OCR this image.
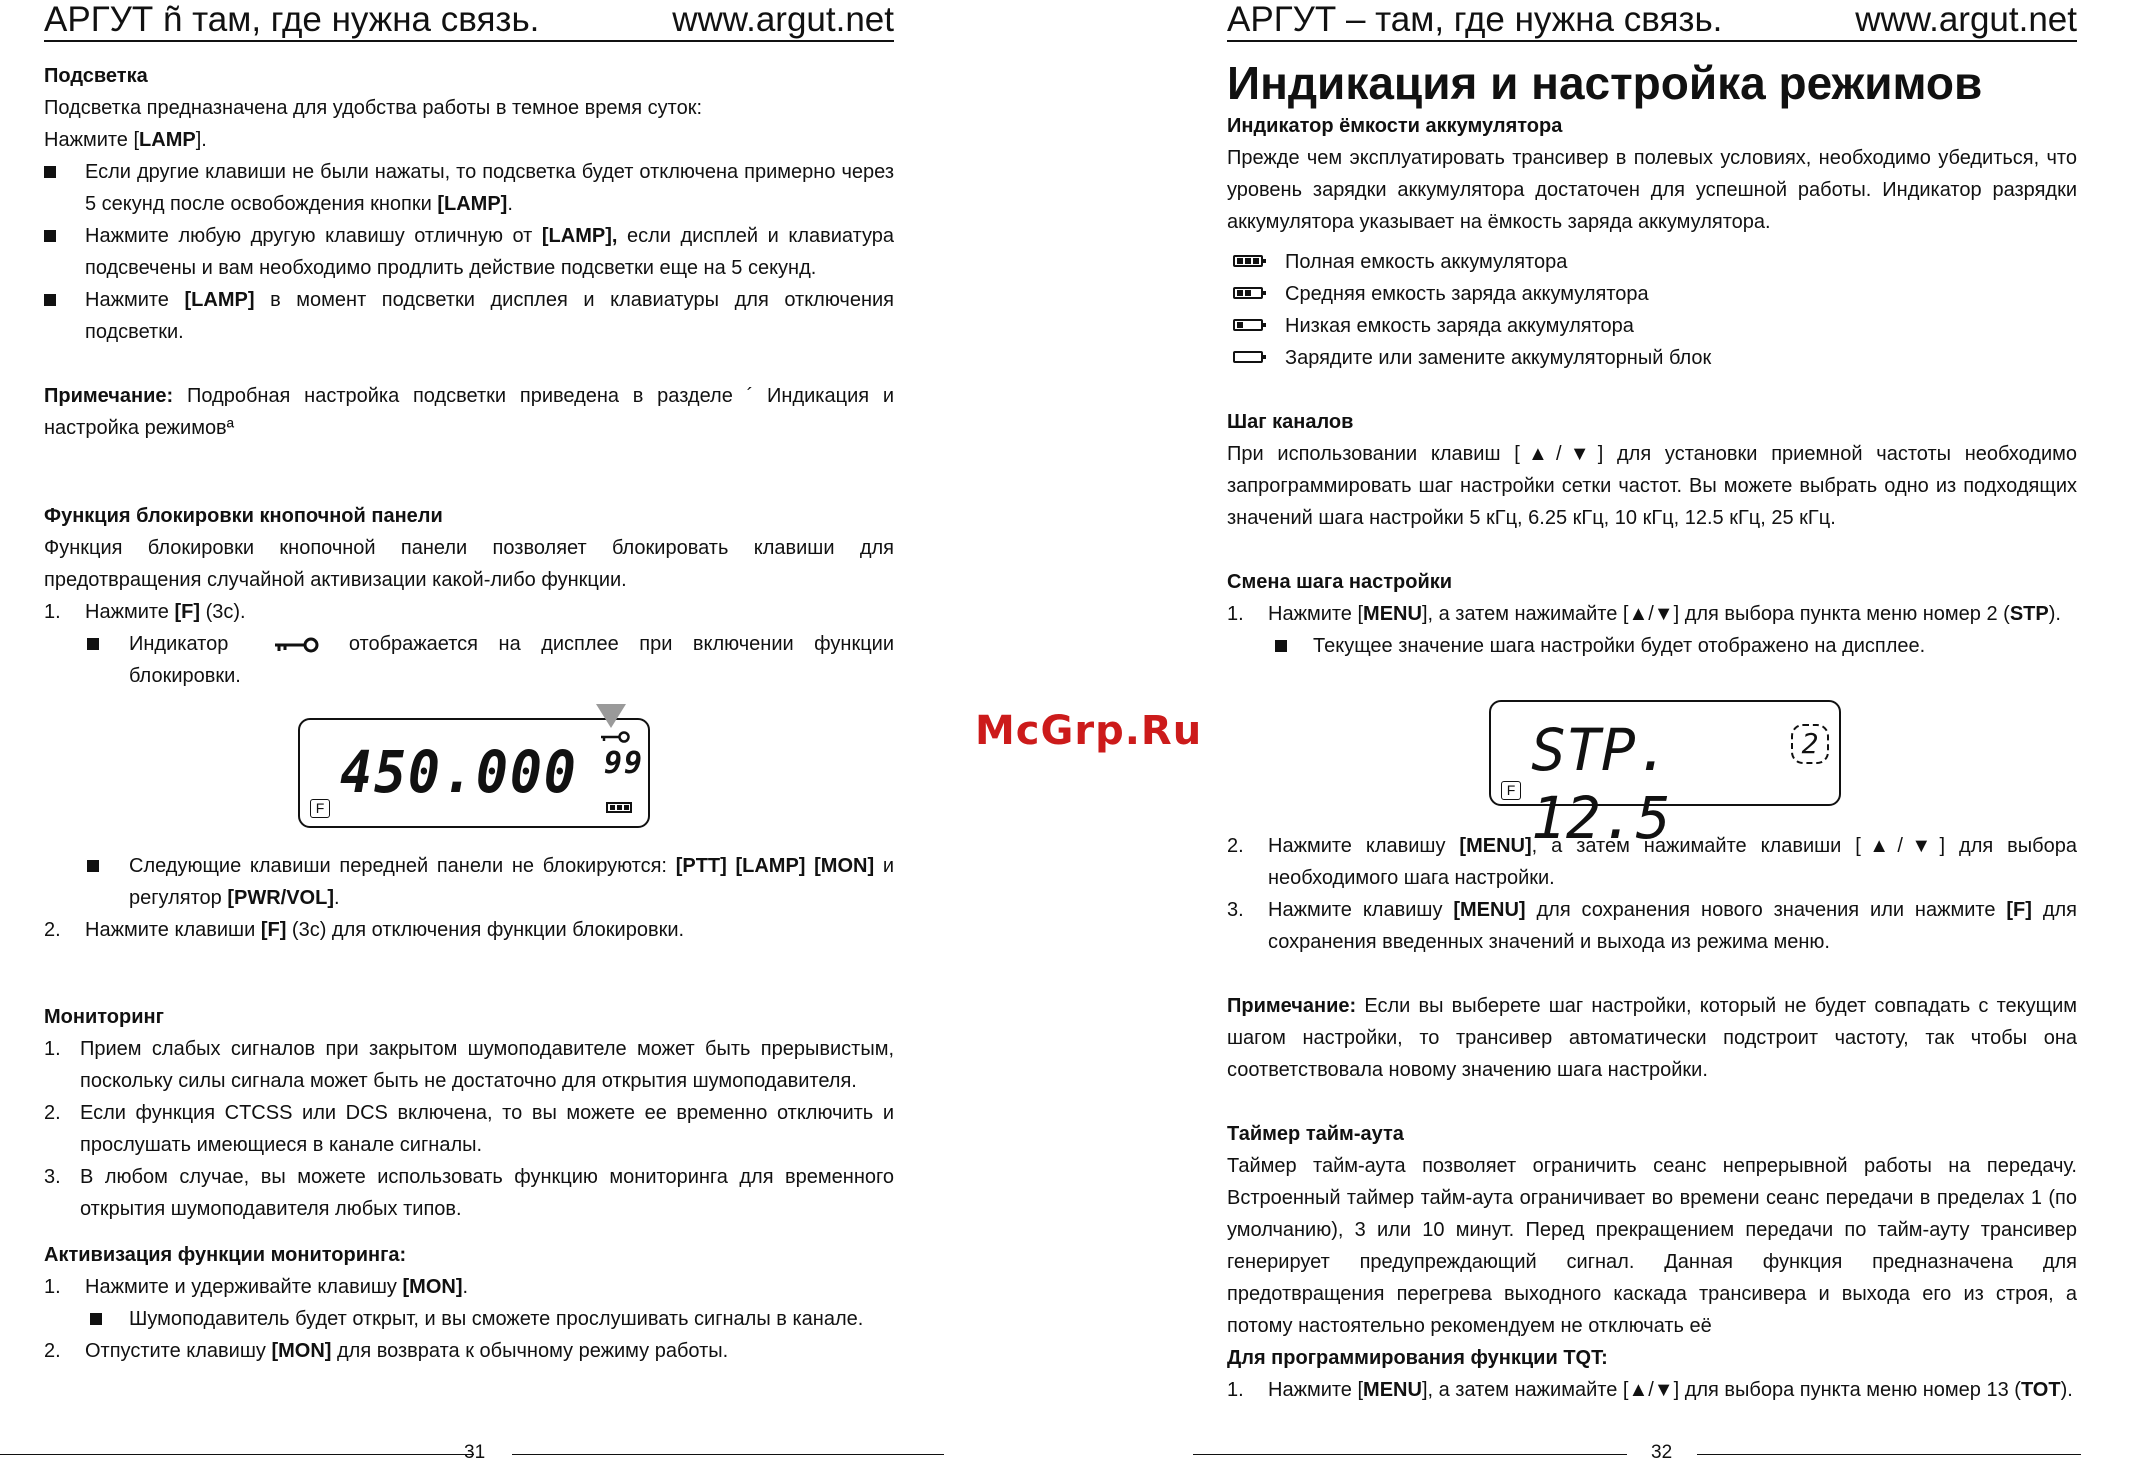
АРГУТ ñ там, где нужна связь.	www.argut.net

Подсветка

Подсветка предназначена для удобства работы в темное время суток:

Нажмите [LAMP].

Если другие клавиши не были нажаты, то подсветка будет отключена примерно через 5 секунд после освобождения кнопки [LAMP].

Нажмите любую другую клавишу отличную от [LAMP], если дисплей и клавиатура подсвечены и вам необходимо продлить действие подсветки еще на 5 секунд.

Нажмите [LAMP] в момент подсветки дисплея и клавиатуры для отключения подсветки.

Примечание: Подробная настройка подсветки приведена в разделе ´ Индикация и настройка режимовª

Функция блокировки кнопочной панели

Функция блокировки кнопочной панели позволяет блокировать клавиши для предотвращения случайной активизации какой-либо функции.

1. Нажмите [F] (3с).

Индикатор	отображается на дисплее при включении функции блокировки.

450.000 99
F

Следующие клавиши передней панели не блокируются: [PTT] [LAMP] [MON] и регулятор [PWR/VOL].

2. Нажмите клавиши [F] (3с) для отключения функции блокировки.

Мониторинг

1. Прием слабых сигналов при закрытом шумоподавителе может быть прерывистым, поскольку силы сигнала может быть не достаточно для открытия шумоподавителя.

2. Если функция CTCSS или DCS включена, то вы можете ее временно отключить и прослушать имеющиеся в канале сигналы.

3. В любом случае, вы можете использовать функцию мониторинга для временного открытия шумоподавителя любых типов.

Активизация функции мониторинга:

1. Нажмите и удерживайте клавишу [MON].

Шумоподавитель будет открыт, и вы сможете прослушивать сигналы в канале.

2. Отпустите клавишу [MON] для возврата к обычному режиму работы.

31
McGrp.Ru
АРГУТ – там, где нужна связь.	www.argut.net

Индикация и настройка режимов

Индикатор ёмкости аккумулятора

Прежде чем эксплуатировать трансивер в полевых условиях, необходимо убедиться, что уровень зарядки аккумулятора достаточен для успешной работы. Индикатор разрядки аккумулятора указывает на ёмкость заряда аккумулятора.

Полная емкость аккумулятора

Средняя емкость заряда аккумулятора

Низкая емкость заряда аккумулятора

Зарядите или замените аккумуляторный блок

Шаг каналов

При использовании клавиш [▲/▼] для установки приемной частоты необходимо запрограммировать шаг настройки сетки частот. Вы можете выбрать одно из подходящих значений шага настройки 5 кГц, 6.25 кГц, 10 кГц, 12.5 кГц, 25 кГц.

Смена шага настройки

1. Нажмите [MENU], а затем нажимайте [▲/▼] для выбора пункта меню номер 2 (STP).

Текущее значение шага настройки будет отображено на дисплее.

STP. 12.5
2
F

2. Нажмите клавишу [MENU], а затем нажимайте клавиши [▲/▼] для выбора необходимого шага настройки.

3. Нажмите клавишу [MENU] для сохранения нового значения или нажмите [F] для сохранения введенных значений и выхода из режима меню.

Примечание: Если вы выберете шаг настройки, который не будет совпадать с текущим шагом настройки, то трансивер автоматически подстроит частоту, так чтобы она соответствовала новому значению шага настройки.

Таймер тайм-аута

Таймер тайм-аута позволяет ограничить сеанс непрерывной работы на передачу. Встроенный таймер тайм-аута ограничивает во времени сеанс передачи в пределах 1 (по умолчанию), 3 или 10 минут. Перед прекращением передачи по тайм-ауту трансивер генерирует предупреждающий сигнал. Данная функция предназначена для предотвращения перегрева выходного каскада трансивера и выхода его из строя, а потому настоятельно рекомендуем не отключать её

Для программирования функции TQT:

1. Нажмите [MENU], а затем нажимайте [▲/▼] для выбора пункта меню номер 13 (TOT).

32
